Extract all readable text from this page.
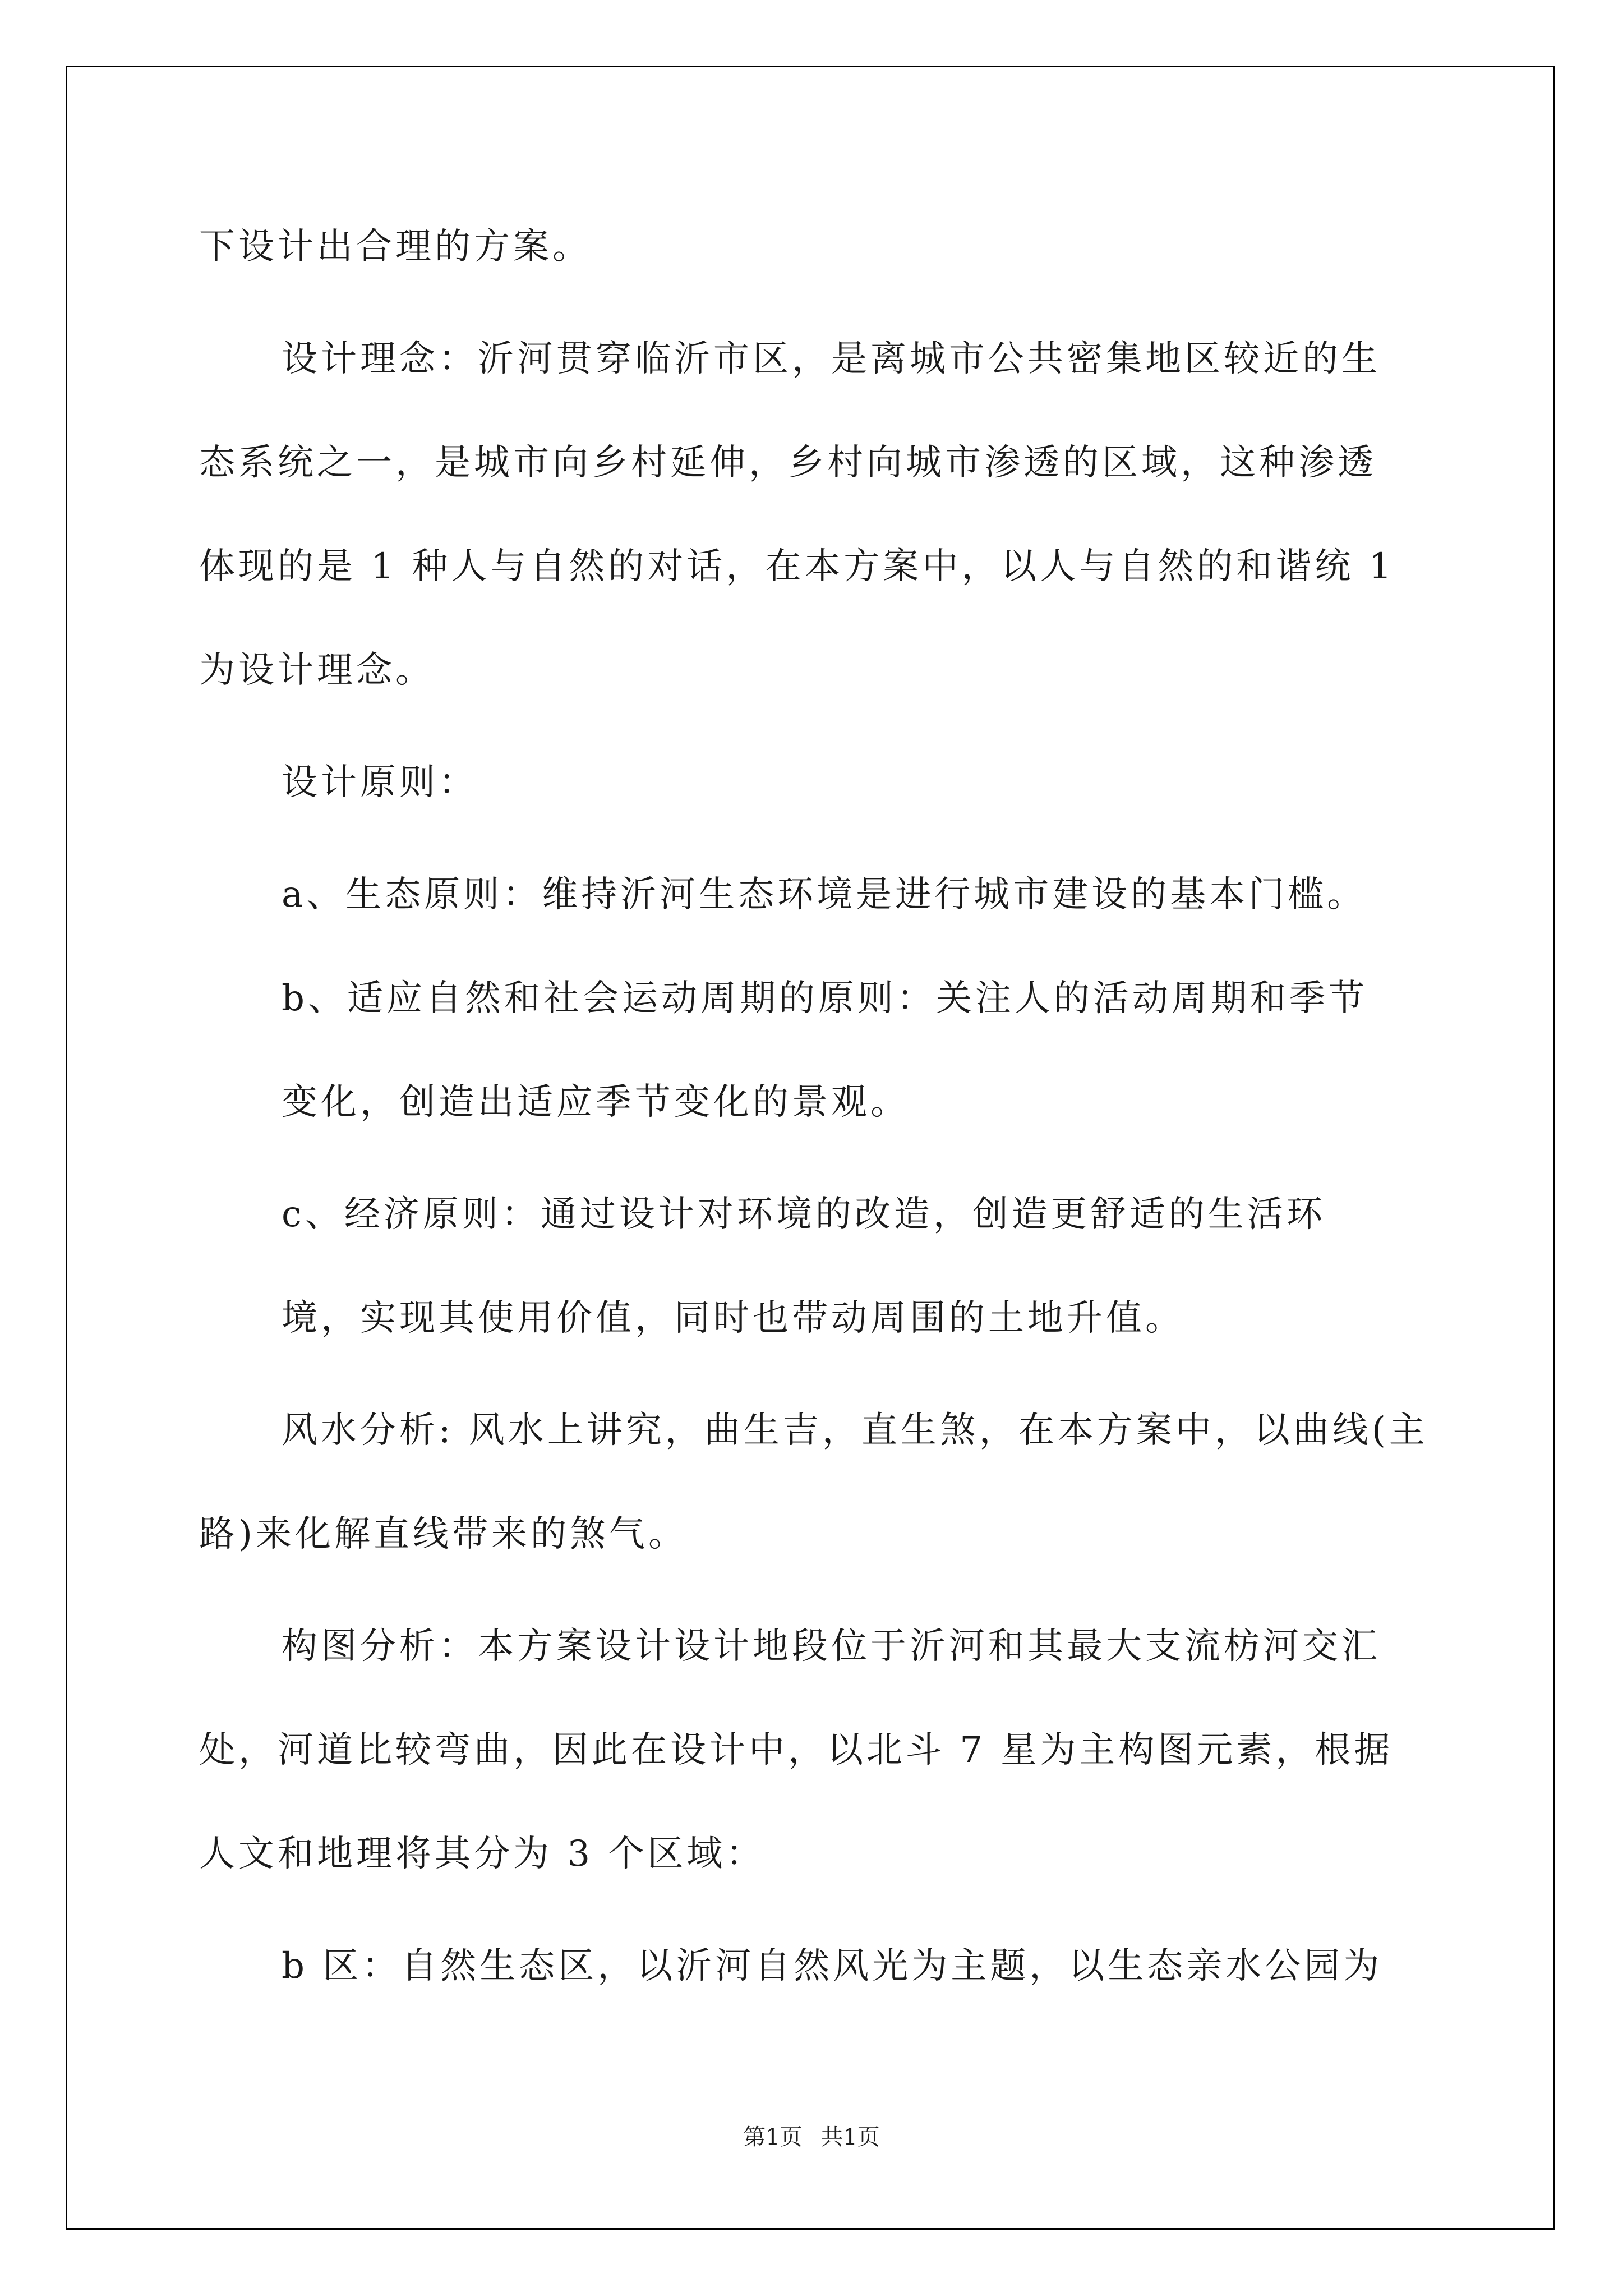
下设计出合理的方案。
设计理念：沂河贯穿临沂市区，是离城市公共密集地区较近的生
态系统之一，是城市向乡村延伸，乡村向城市渗透的区域，这种渗透
体现的是 1 种人与自然的对话，在本方案中，以人与自然的和谐统 1
为设计理念。
设计原则：
a、生态原则：维持沂河生态环境是进行城市建设的基本门槛。
b、适应自然和社会运动周期的原则：关注人的活动周期和季节
变化，创造出适应季节变化的景观。
c、经济原则：通过设计对环境的改造，创造更舒适的生活环
境，实现其使用价值，同时也带动周围的土地升值。
风水分析: 风水上讲究，曲生吉，直生煞，在本方案中，以曲线(主
路)来化解直线带来的煞气。
构图分析：本方案设计设计地段位于沂河和其最大支流枋河交汇
处，河道比较弯曲，因此在设计中，以北斗 7 星为主构图元素，根据
人文和地理将其分为 3 个区域：
b 区：自然生态区，以沂河自然风光为主题，以生态亲水公园为
第1页 共1页
